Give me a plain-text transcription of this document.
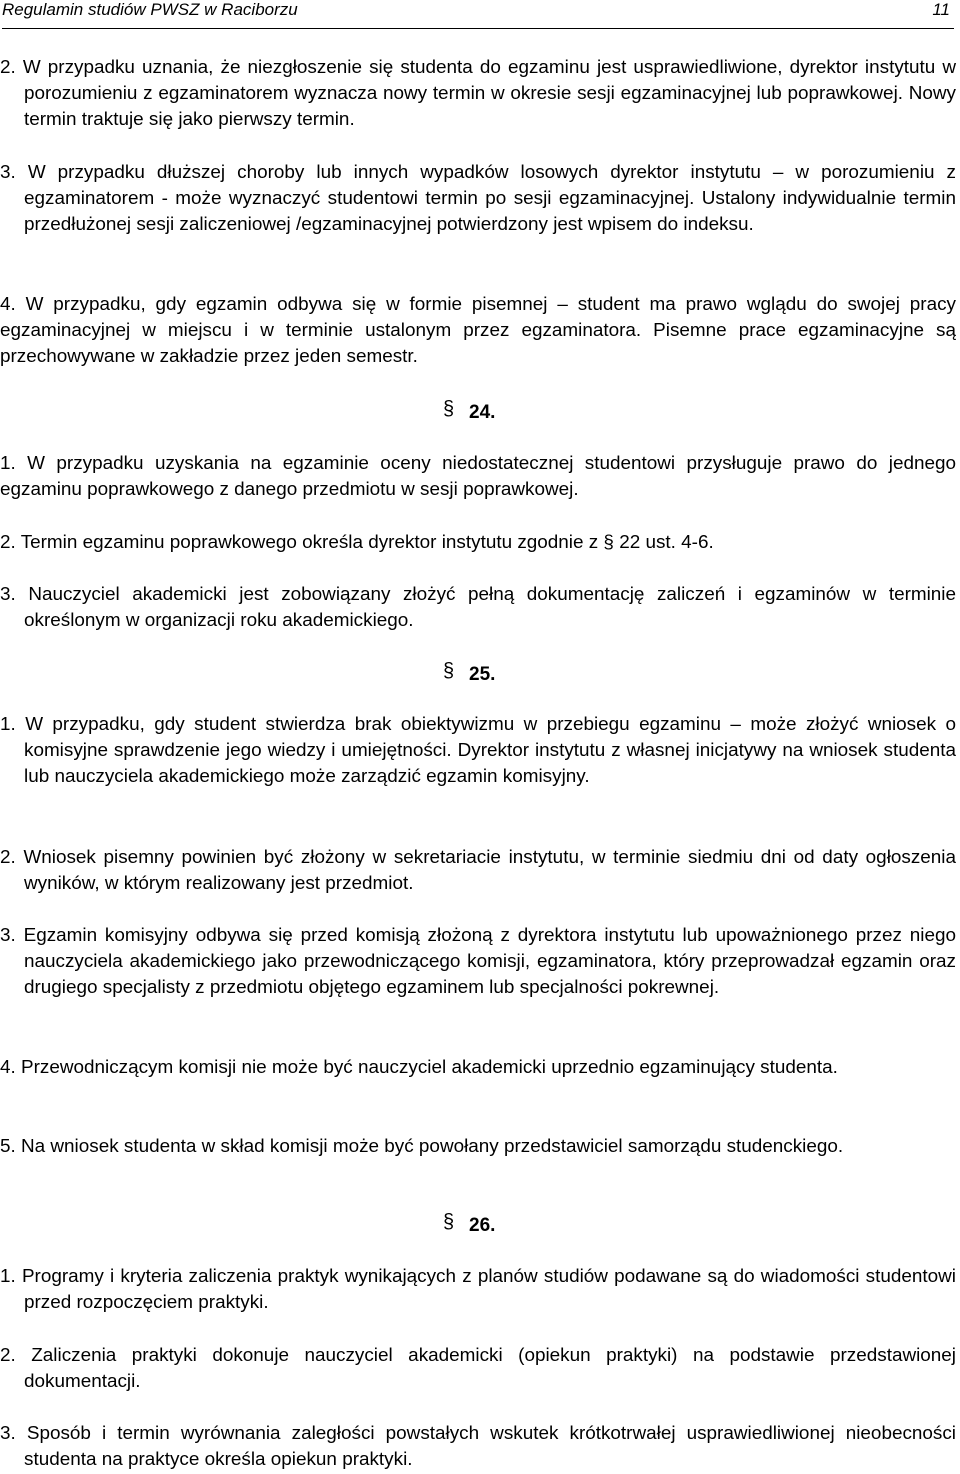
Regulamin studiów PWSZ w Raciborzu	11

2. W przypadku uznania, że niezgłoszenie się studenta do egzaminu jest usprawiedliwione, dyrektor instytutu w porozumieniu z egzaminatorem wyznacza nowy termin w okresie sesji egzaminacyjnej lub poprawkowej. Nowy termin traktuje się jako pierwszy termin.

3. W przypadku dłuższej choroby lub innych wypadków losowych dyrektor instytutu – w porozumieniu z egzaminatorem - może wyznaczyć studentowi termin po sesji egzaminacyjnej. Ustalony indywidualnie termin przedłużonej sesji zaliczeniowej /egzaminacyjnej potwierdzony jest wpisem do indeksu.

4. W przypadku, gdy egzamin odbywa się w formie pisemnej – student ma prawo wglądu do swojej pracy egzaminacyjnej w miejscu i w terminie ustalonym przez egzaminatora. Pisemne prace egzaminacyjne są przechowywane w zakładzie przez jeden semestr.

§24.

1. W przypadku uzyskania na egzaminie oceny niedostatecznej studentowi przysługuje prawo do jednego egzaminu poprawkowego z danego przedmiotu w sesji poprawkowej.

2. Termin egzaminu poprawkowego określa dyrektor instytutu zgodnie z § 22 ust. 4-6.

3. Nauczyciel akademicki jest zobowiązany złożyć pełną dokumentację zaliczeń i egzaminów w terminie określonym w organizacji roku akademickiego.

§25.

1. W przypadku, gdy student stwierdza brak obiektywizmu w przebiegu egzaminu – może złożyć wniosek o komisyjne sprawdzenie jego wiedzy i umiejętności. Dyrektor instytutu z własnej inicjatywy na wniosek studenta lub nauczyciela akademickiego może zarządzić egzamin komisyjny.

2. Wniosek pisemny powinien być złożony w sekretariacie instytutu, w terminie siedmiu dni od daty ogłoszenia wyników, w którym realizowany jest przedmiot.

3. Egzamin komisyjny odbywa się przed komisją złożoną z dyrektora instytutu lub upoważnionego przez niego nauczyciela akademickiego jako przewodniczącego komisji, egzaminatora, który przeprowadzał egzamin oraz drugiego specjalisty z przedmiotu objętego egzaminem lub specjalności pokrewnej.

4. Przewodniczącym komisji nie może być nauczyciel akademicki uprzednio egzaminujący studenta.

5. Na wniosek studenta w skład komisji może być powołany przedstawiciel samorządu studenckiego.

§26.

1. Programy i kryteria zaliczenia praktyk wynikających z planów studiów podawane są do wiadomości studentowi przed rozpoczęciem praktyki.

2. Zaliczenia praktyki dokonuje nauczyciel akademicki (opiekun praktyki) na podstawie przedstawionej dokumentacji.

3. Sposób i termin wyrównania zaległości powstałych wskutek krótkotrwałej usprawiedliwionej nieobecności studenta na praktyce określa opiekun praktyki.
